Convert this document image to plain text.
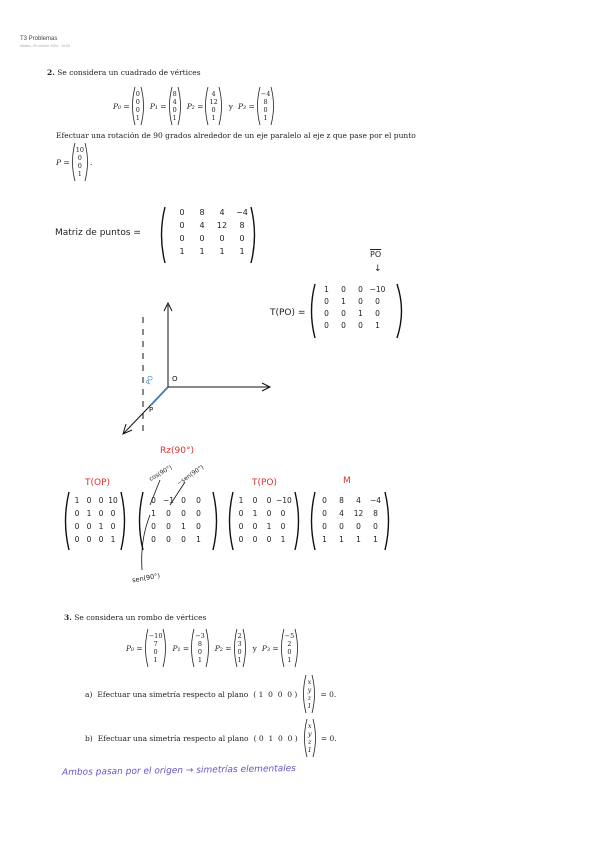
T3 Problemas
Martes, 29 octubre 2024 · 19:25
2. Se considera un cuadrado de vértices
P₀ =
0
0
0
1
P₁ =
8
4
0
1
P₂ =
4
12
0
1
y P₃ =
−4
8
0
1
Efectuar una rotación de 90 grados alrededor de un eje paralelo al eje z que pase por el punto
P =
10
0
0
1
.
Matriz de puntos =
0	8	4	−4
0	4	12	8
0	0	0	0
1	1	1	1	$\overline{PO}$
↓
T(PO) =
1	0	0 −10
0	1	0	0
0	0	1	0
0	0	0	1
O
P
PO
Rz(90°)
cos(90°) −sen(90°)
sen(90°)
T(OP)	T(PO)	M
1 0 0 10
0 1 0 0
0 0 1 0
0 0 0 1
0 −1 0	0
1	0	0	0
0	0	1	0
0	0	0	1
1	0	0 −10
0	1	0	0
0	0	1	0
0	0	0	1
0	8	4	−4
0	4	12	8
0	0	0	0
1	1	1	1
3. Se considera un rombo de vértices
P₀ =
−10
7
0
1
P₁ =
−3
8
0
1
P₂ =
2
3
0
1
y P₃ =
−5
2
0
1
a) Efectuar una simetría respecto al plano ( 1 0 0 0 )
x
y
z
1
= 0.
b) Efectuar una simetría respecto al plano ( 0 1 0 0 )
x
y
z
1
= 0.
Ambos pasan por el origen → simetrías elementales
